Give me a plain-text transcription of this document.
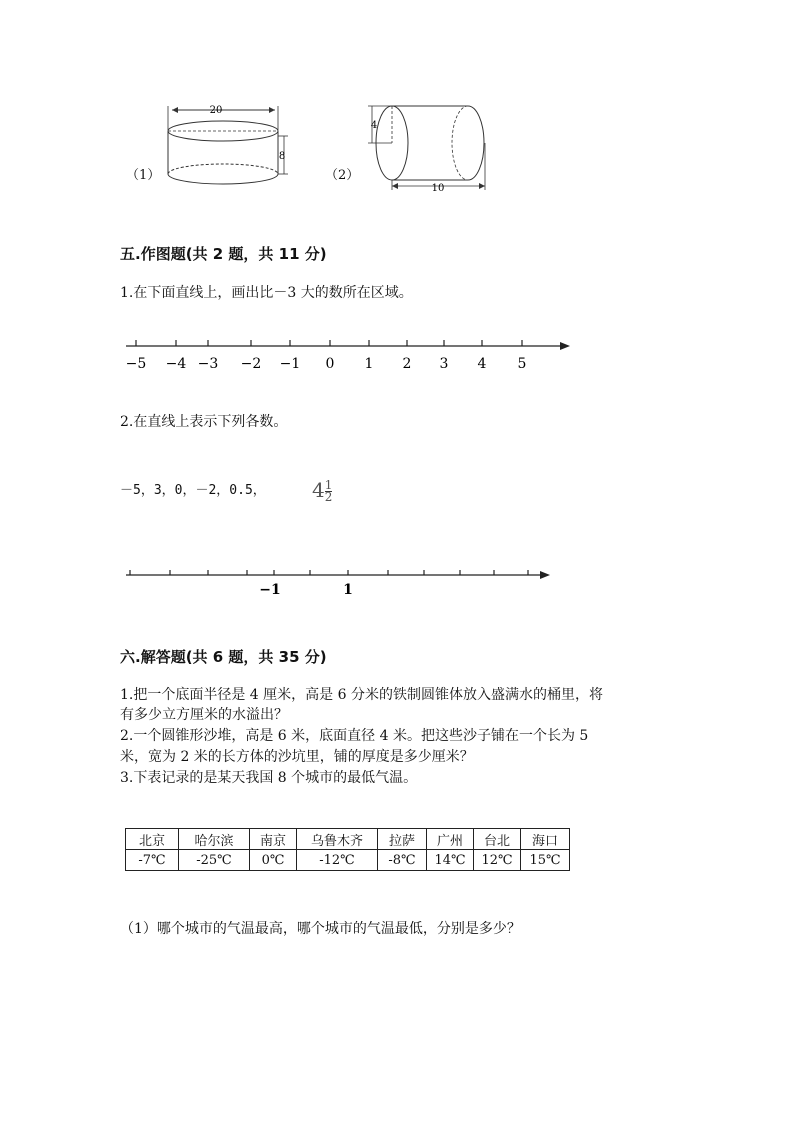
（1）
20
8
（2）
4
10
五.作图题(共 2 题，共 11 分)
1.在下面直线上，画出比－3 大的数所在区域。
−5 −4 −3 −2 −1 0 1 2 3 4 5
2.在直线上表示下列各数。
－5，3，0，－2，0.5， $4 \frac{1}{2}$
−1	1
六.解答题(共 6 题，共 35 分)
1.把一个底面半径是 4 厘米，高是 6 分米的铁制圆锥体放入盛满水的桶里，将
有多少立方厘米的水溢出？
2.一个圆锥形沙堆，高是 6 米，底面直径 4 米。把这些沙子铺在一个长为 5
米，宽为 2 米的长方体的沙坑里，铺的厚度是多少厘米？
3.下表记录的是某天我国 8 个城市的最低气温。
北京	哈尔滨	南京	乌鲁木齐	拉萨	广州	台北	海口
-7℃	-25℃	0℃	-12℃	-8℃	14℃	12℃	15℃
（1）哪个城市的气温最高，哪个城市的气温最低，分别是多少？
